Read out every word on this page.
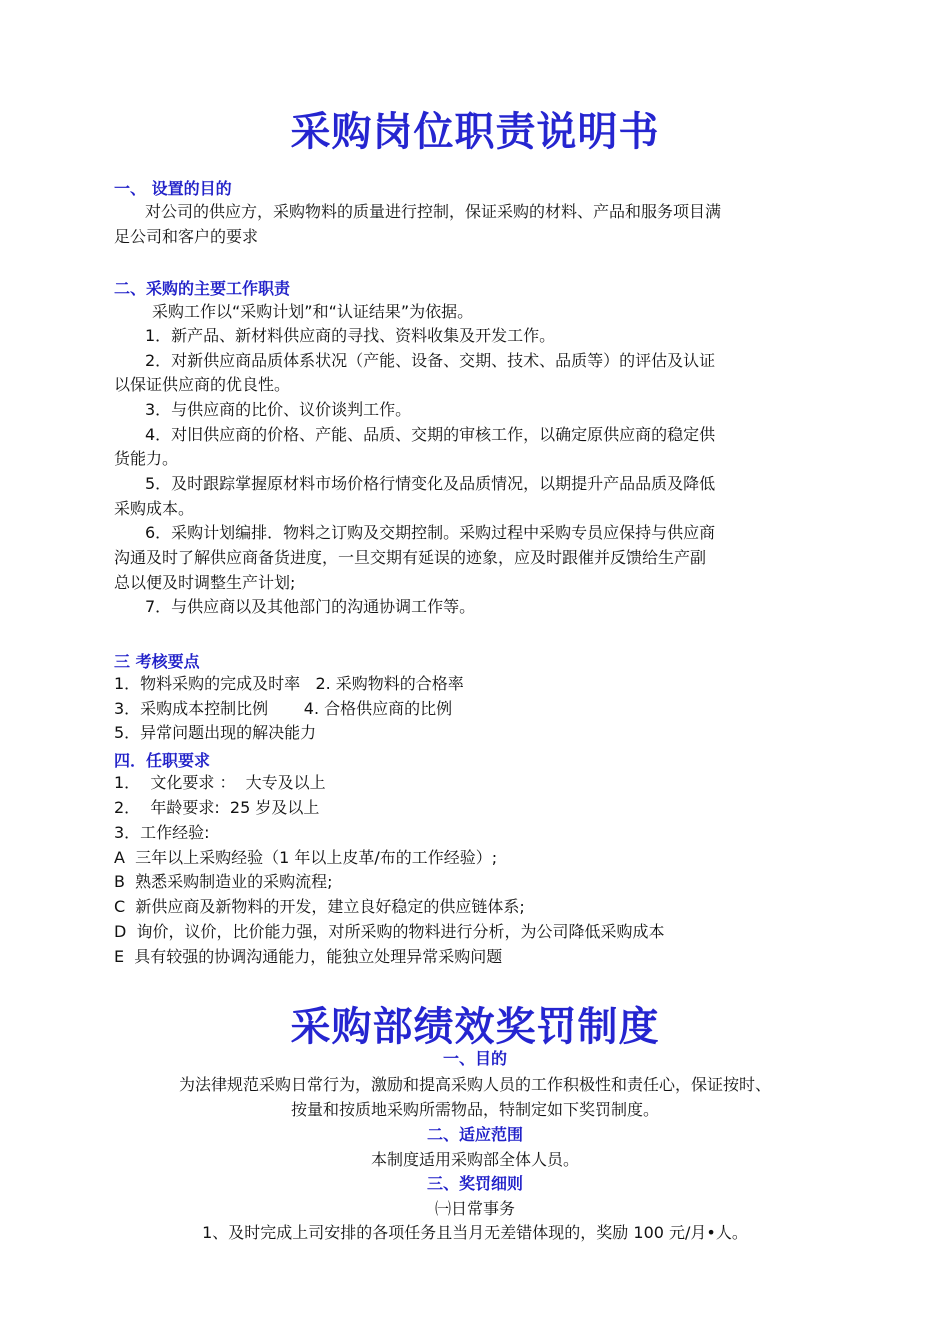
采购岗位职责说明书
一、 设置的目的
对公司的供应方，采购物料的质量进行控制，保证采购的材料、产品和服务项目满
足公司和客户的要求
二、采购的主要工作职责
采购工作以“采购计划”和“认证结果”为依据。
1．新产品、新材料供应商的寻找、资料收集及开发工作。
2．对新供应商品质体系状况（产能、设备、交期、技术、品质等）的评估及认证
以保证供应商的优良性。
3．与供应商的比价、议价谈判工作。
4．对旧供应商的价格、产能、品质、交期的审核工作，以确定原供应商的稳定供
货能力。
5．及时跟踪掌握原材料市场价格行情变化及品质情况，以期提升产品品质及降低
采购成本。
6．采购计划编排．物料之订购及交期控制。采购过程中采购专员应保持与供应商
沟通及时了解供应商备货进度，一旦交期有延误的迹象，应及时跟催并反馈给生产副
总以便及时调整生产计划;
7．与供应商以及其他部门的沟通协调工作等。
三 考核要点
1．物料采购的完成及时率   2. 采购物料的合格率
3．采购成本控制比例       4. 合格供应商的比例
5．异常问题出现的解决能力
四．任职要求
1．  文化要求 ：  大专及以上
2．  年龄要求:  25 岁及以上
3．工作经验:
A  三年以上采购经验（1 年以上皮革/布的工作经验）;
B  熟悉采购制造业的采购流程;
C  新供应商及新物料的开发，建立良好稳定的供应链体系;
D  询价，议价，比价能力强，对所采购的物料进行分析，为公司降低采购成本
E  具有较强的协调沟通能力，能独立处理异常采购问题
采购部绩效奖罚制度
一、目的
为法律规范采购日常行为，激励和提高采购人员的工作积极性和责任心，保证按时、
按量和按质地采购所需物品，特制定如下奖罚制度。
二、适应范围
本制度适用采购部全体人员。
三、奖罚细则
㈠日常事务
1、及时完成上司安排的各项任务且当月无差错体现的，奖励 100 元/月•人。
